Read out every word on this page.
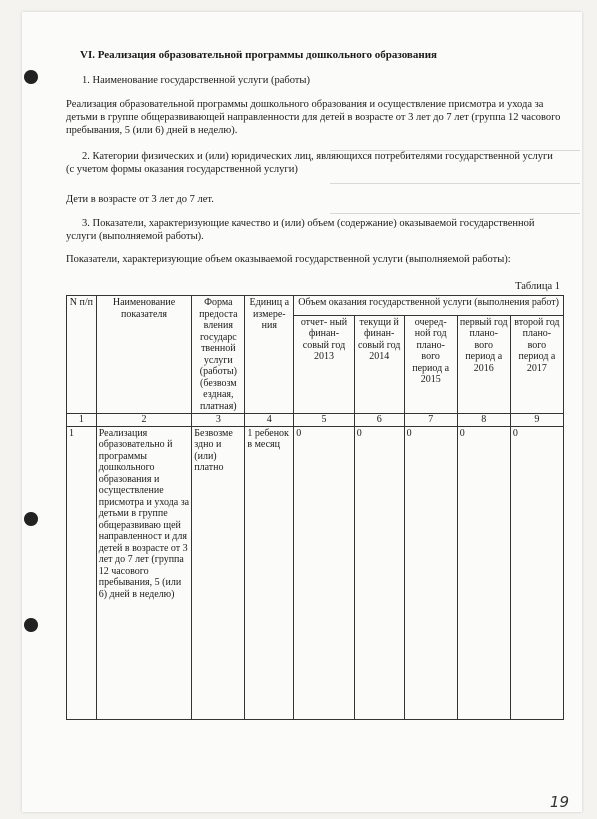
VI. Реализация образовательной программы дошкольного образования
1. Наименование государственной услуги (работы)
Реализация образовательной программы дошкольного образования и осуществление присмотра и ухода за детьми в группе общеразвивающей направленности для детей в возрасте от 3 лет до 7 лет (группа 12 часового пребывания, 5 (или 6) дней в неделю).
2. Категории физических и (или) юридических лиц, являющихся потребителями государственной услуги (с учетом формы оказания государственной услуги)
Дети в возрасте от 3 лет до 7 лет.
3. Показатели, характеризующие качество и (или) объем (содержание) оказываемой государственной услуги (выполняемой работы).
Показатели, характеризующие объем оказываемой государственной услуги (выполняемой работы):
Таблица 1
N п/п	Наименование показателя	Форма предоста вления государс твенной услуги (работы) (безвозм ездная, платная)	Единиц а измере- ния	Объем оказания государственной услуги (выполнения работ)				
				отчет- ный финан- совый год 2013	текущи й финан- совый год 2014	очеред- ной год плано- вого период а 2015	первый год плано- вого период а 2016	второй год плано- вого период а 2017
1	2	3	4	5	6	7	8	9
1	Реализация образовательно й программы дошкольного образования и осуществление присмотра и ухода за детьми в группе общеразвиваю щей направленност и для детей в возрасте от 3 лет до 7 лет (группа 12 часового пребывания, 5 (или 6) дней в неделю)	Безвозме здно и (или) платно	1 ребенок в месяц	0	0	0	0	0
19
